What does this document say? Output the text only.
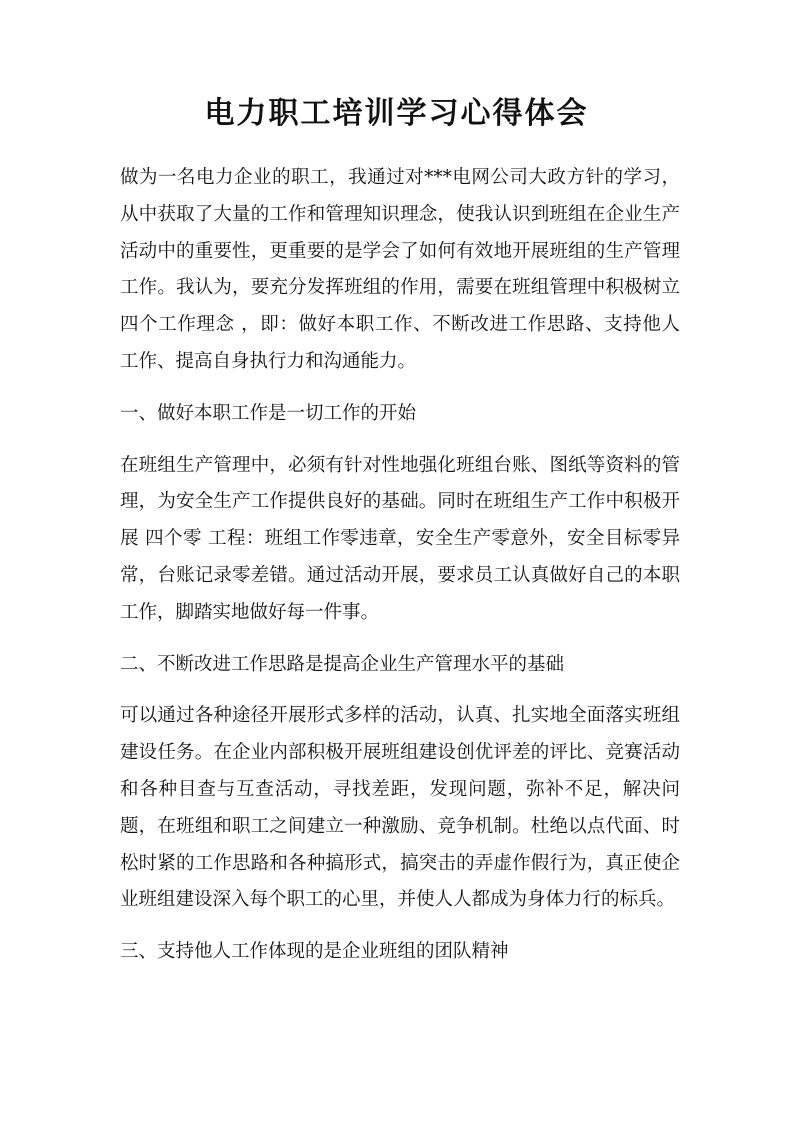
电力职工培训学习心得体会

做为一名电力企业的职工，我通过对***电网公司大政方针的学习，从中获取了大量的工作和管理知识理念，使我认识到班组在企业生产活动中的重要性，更重要的是学会了如何有效地开展班组的生产管理工作。我认为，要充分发挥班组的作用，需要在班组管理中积极树立 四个工作理念 ，即：做好本职工作、不断改进工作思路、支持他人工作、提高自身执行力和沟通能力。

一、做好本职工作是一切工作的开始

在班组生产管理中，必须有针对性地强化班组台账、图纸等资料的管理，为安全生产工作提供良好的基础。同时在班组生产工作中积极开展 四个零 工程：班组工作零违章，安全生产零意外，安全目标零异常，台账记录零差错。通过活动开展，要求员工认真做好自己的本职工作，脚踏实地做好每一件事。

二、不断改进工作思路是提高企业生产管理水平的基础

可以通过各种途径开展形式多样的活动，认真、扎实地全面落实班组建设任务。在企业内部积极开展班组建设创优评差的评比、竞赛活动和各种目查与互查活动，寻找差距，发现问题，弥补不足，解决问题，在班组和职工之间建立一种激励、竞争机制。杜绝以点代面、时松时紧的工作思路和各种搞形式，搞突击的弄虚作假行为，真正使企业班组建设深入每个职工的心里，并使人人都成为身体力行的标兵。

三、支持他人工作体现的是企业班组的团队精神
